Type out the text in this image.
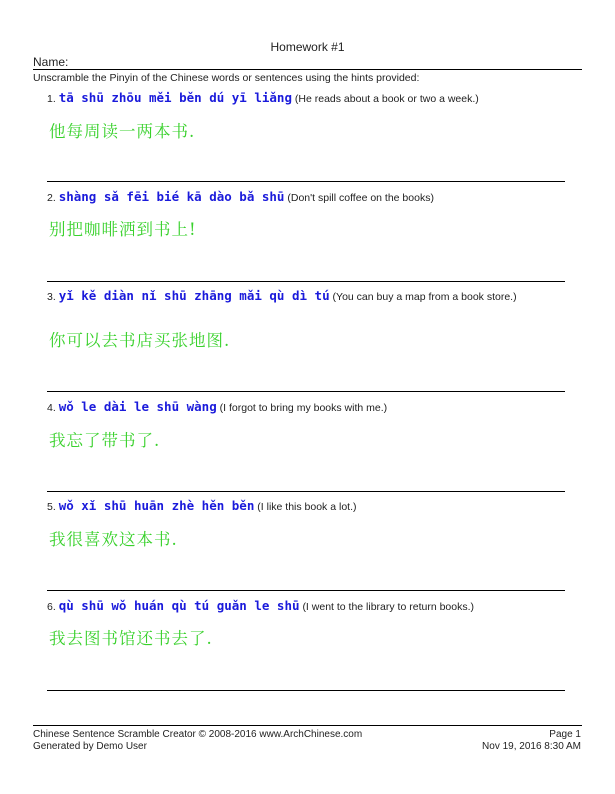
Homework #1
Name:
Unscramble the Pinyin of the Chinese words or sentences using the hints provided:
1. tā shū zhōu měi běn dú yī liǎng (He reads about a book or two a week.)
他每周读一两本书.
2. shàng sǎ fēi bié kā dào bǎ shū (Don't spill coffee on the books)
别把咖啡洒到书上!
3. yǐ kě diàn nǐ shū zhāng mǎi qù dì tú (You can buy a map from a book store.)
你可以去书店买张地图.
4. wǒ le dài le shū wàng (I forgot to bring my books with me.)
我忘了带书了.
5. wǒ xǐ shū huān zhè hěn běn (I like this book a lot.)
我很喜欢这本书.
6. qù shū wǒ huán qù tú guǎn le shū (I went to the library to return books.)
我去图书馆还书去了.
Chinese Sentence Scramble Creator © 2008-2016 www.ArchChinese.com
Generated by Demo User
Page 1
Nov 19, 2016 8:30 AM
